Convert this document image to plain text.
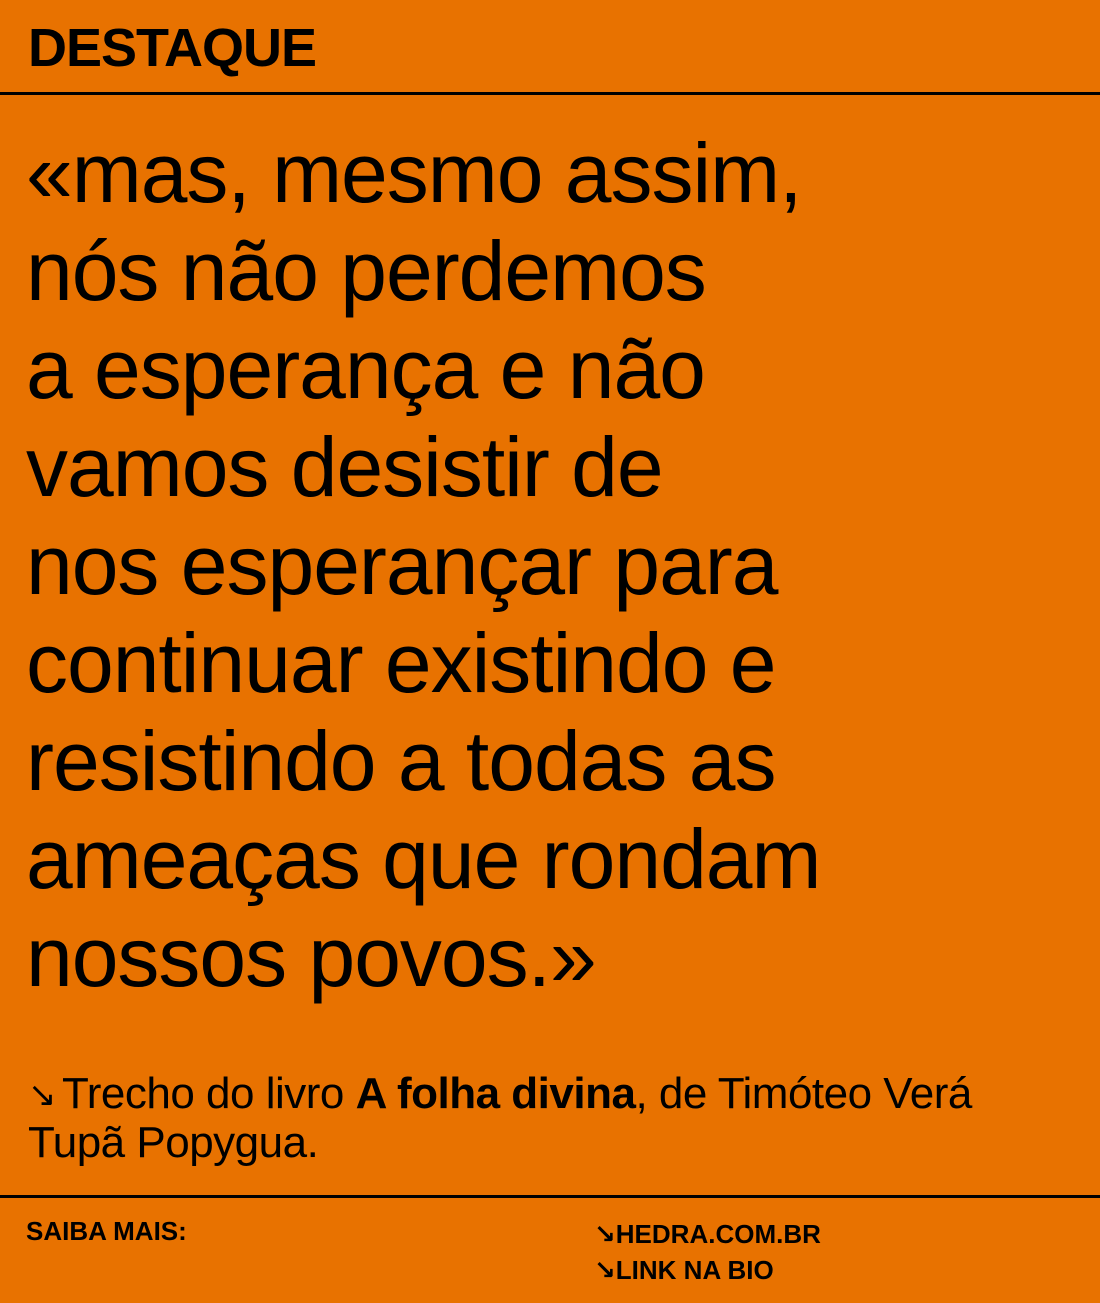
DESTAQUE
«mas, mesmo assim,
nós não perdemos
a esperança e não
vamos desistir de
nos esperançar para
continuar existindo e
resistindo a todas as
ameaças que rondam
nossos povos.»
↘ Trecho do livro A folha divina, de Timóteo Verá Tupã Popygua.
SAIBA MAIS:	↘HEDRA.COM.BR
↘LINK NA BIO
